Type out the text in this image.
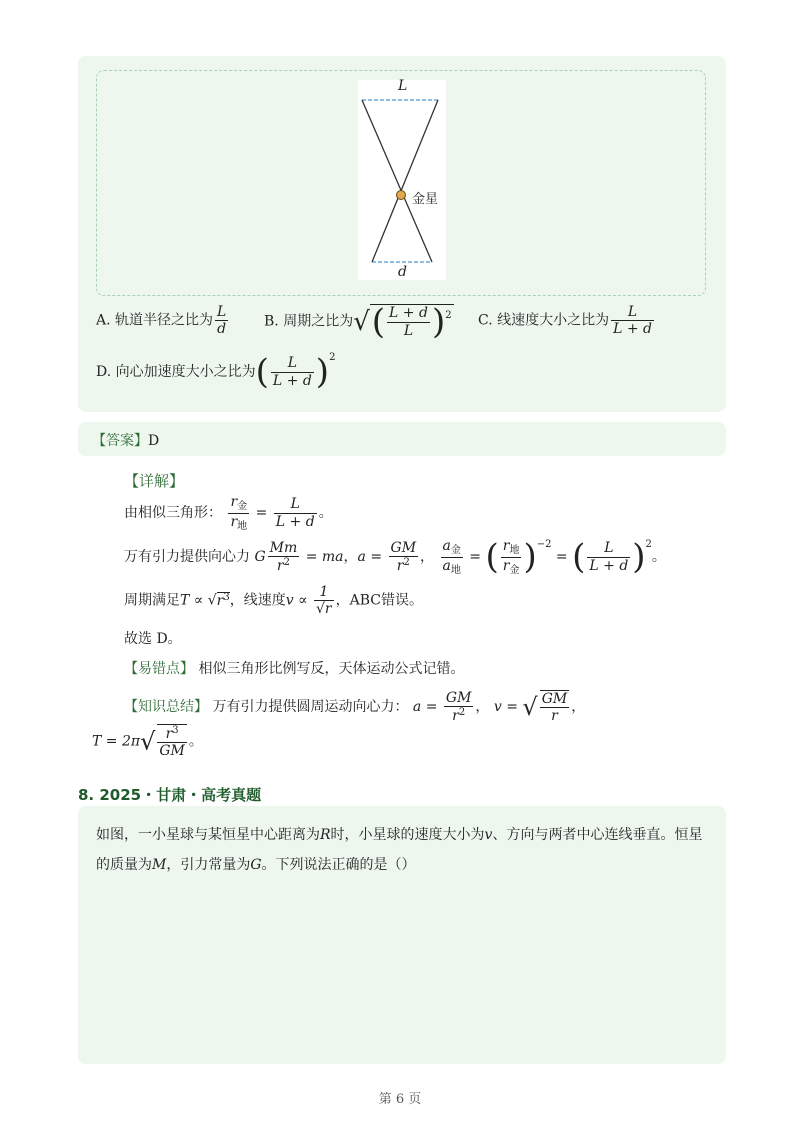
L
d
金星
A. 轨道半径之比为 $\frac{L}{d}$	B. 周期之比为√( $\frac{L + d}{L} )^2$ C. 线速度大小之比为 $\frac{L}{L + d}$
D. 向心加速度大小之比为( $\frac{L}{L + d} )^2$
【答案】D
【详解】
由相似三角形： $\frac{r_金}{r_地} = \frac{L}{L + d}$ 。
万有引力提供向心力 G $\frac{Mm}{r^2}$ = ma，$a = \frac{GM}{r^2}$ ， $\frac{a_金}{a_地}$ = ( $\frac{r_地}{r_金} )^{-2}$ = ( $\frac{L}{L + d} )^2$。
周期满足$T \propto √r^3$，线速度$v \propto \frac{1}{√r}$ ，ABC错误。
故选 D。
【易错点】 相似三角形比例写反，天体运动公式记错。
【知识总结】 万有引力提供圆周运动向心力： $a = \frac{GM}{r^2}$ ， v = √ $\frac{GM}{r}$ ，
$T = 2\pi√ \frac{r^3}{GM}$ 。
8. 2025・甘肃・高考真题
如图，一小星球与某恒星中心距离为R时，小星球的速度大小为v、方向与两者中心连线垂直。恒星的质量为M，引力常量为G。下列说法正确的是（）
第 6 页
